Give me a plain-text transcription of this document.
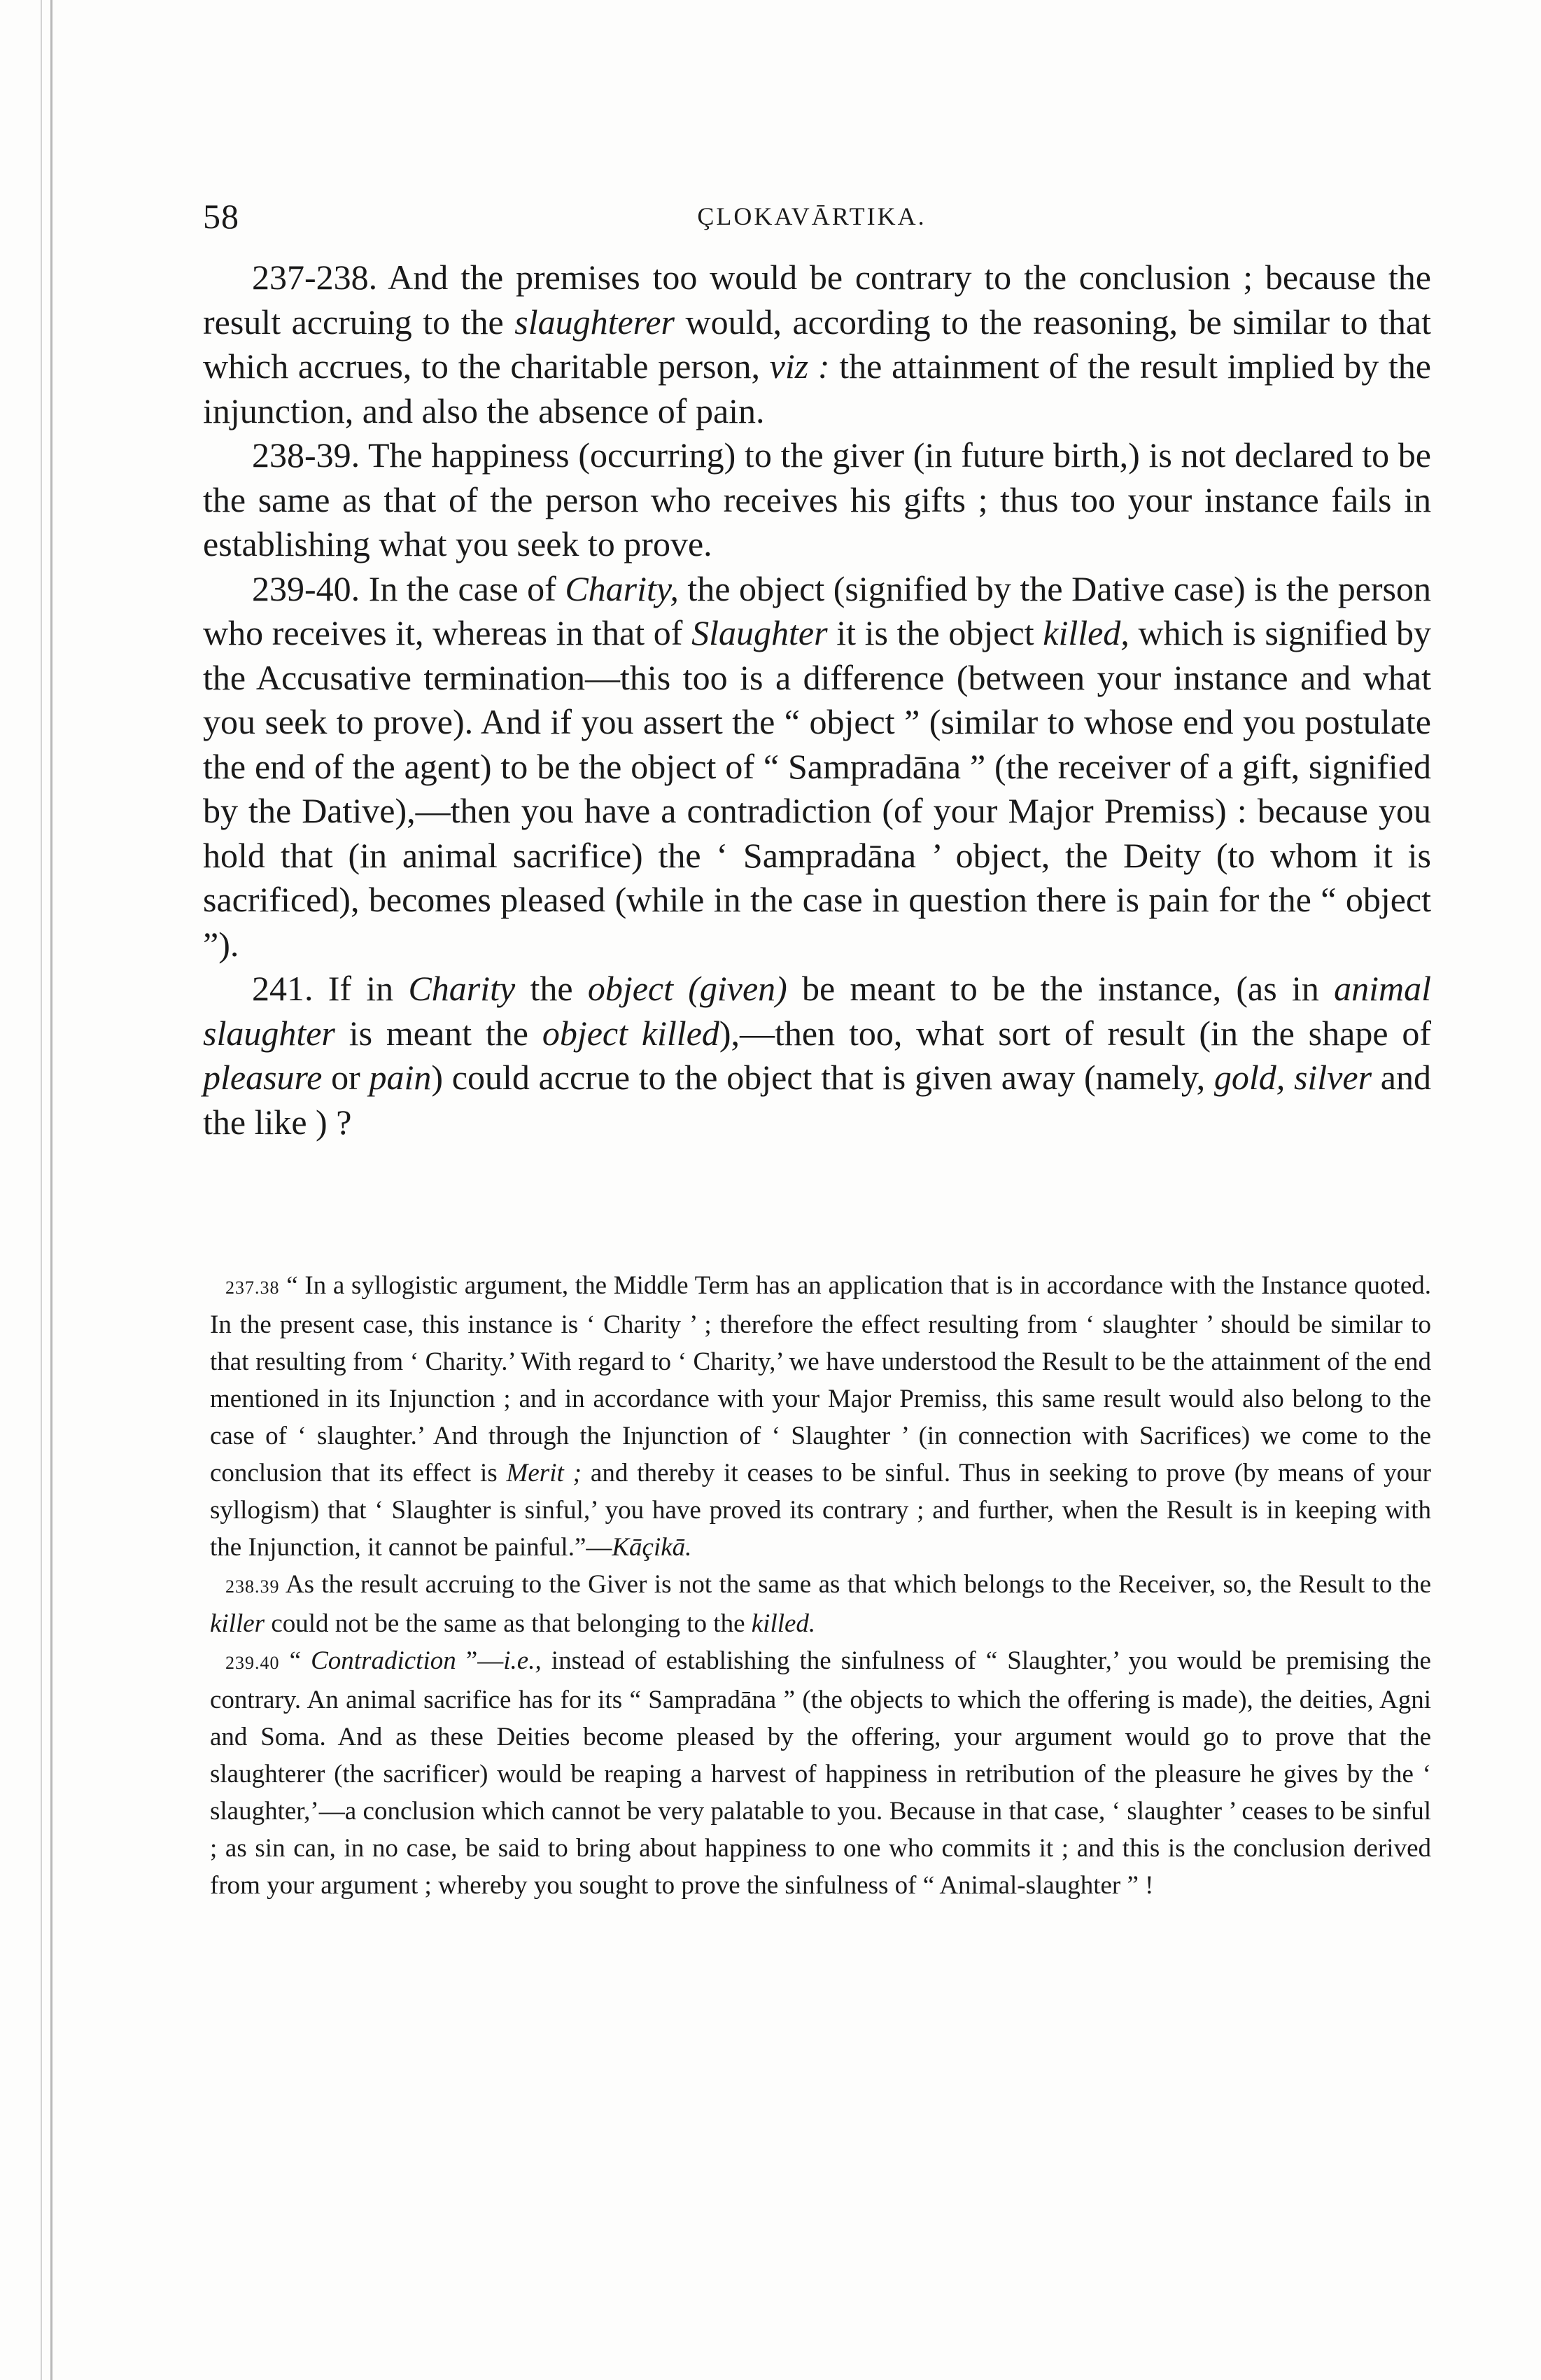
58	ÇLOKAVĀRTIKA.

237-238. And the premises too would be contrary to the conclusion ; because the result accruing to the slaughterer would, according to the reasoning, be similar to that which accrues, to the charitable person, viz : the attainment of the result implied by the injunction, and also the absence of pain.

238-39. The happiness (occurring) to the giver (in future birth,) is not declared to be the same as that of the person who receives his gifts ; thus too your instance fails in establishing what you seek to prove.

239-40. In the case of Charity, the object (signified by the Dative case) is the person who receives it, whereas in that of Slaughter it is the object killed, which is signified by the Accusative termination—this too is a difference (between your instance and what you seek to prove). And if you assert the “ object ” (similar to whose end you postulate the end of the agent) to be the object of “ Sampradāna ” (the receiver of a gift, signified by the Dative),—then you have a contradiction (of your Major Premiss) : because you hold that (in animal sacrifice) the ‘ Sampradāna ’ object, the Deity (to whom it is sacrificed), becomes pleased (while in the case in question there is pain for the “ object ”).

241. If in Charity the object (given) be meant to be the instance, (as in animal slaughter is meant the object killed),—then too, what sort of result (in the shape of pleasure or pain) could accrue to the object that is given away (namely, gold, silver and the like ) ?

237.38 “ In a syllogistic argument, the Middle Term has an application that is in accordance with the Instance quoted. In the present case, this instance is ‘ Charity ’ ; therefore the effect resulting from ‘ slaughter ’ should be similar to that resulting from ‘ Charity.’ With regard to ‘ Charity,’ we have understood the Result to be the attainment of the end mentioned in its Injunction ; and in accordance with your Major Premiss, this same result would also belong to the case of ‘ slaughter.’ And through the Injunction of ‘ Slaughter ’ (in connection with Sacrifices) we come to the conclusion that its effect is Merit ; and thereby it ceases to be sinful. Thus in seeking to prove (by means of your syllogism) that ‘ Slaughter is sinful,’ you have proved its contrary ; and further, when the Result is in keeping with the Injunction, it cannot be painful.”—Kāçikā.

238.39 As the result accruing to the Giver is not the same as that which belongs to the Receiver, so, the Result to the killer could not be the same as that belonging to the killed.

239.40 “ Contradiction ”—i.e., instead of establishing the sinfulness of “ Slaughter,’ you would be premising the contrary. An animal sacrifice has for its “ Sampradāna ” (the objects to which the offering is made), the deities, Agni and Soma. And as these Deities become pleased by the offering, your argument would go to prove that the slaughterer (the sacrificer) would be reaping a harvest of happiness in retribution of the pleasure he gives by the ‘ slaughter,’—a conclusion which cannot be very palatable to you. Because in that case, ‘ slaughter ’ ceases to be sinful ; as sin can, in no case, be said to bring about happiness to one who commits it ; and this is the conclusion derived from your argument ; whereby you sought to prove the sinfulness of “ Animal-slaughter ” !
